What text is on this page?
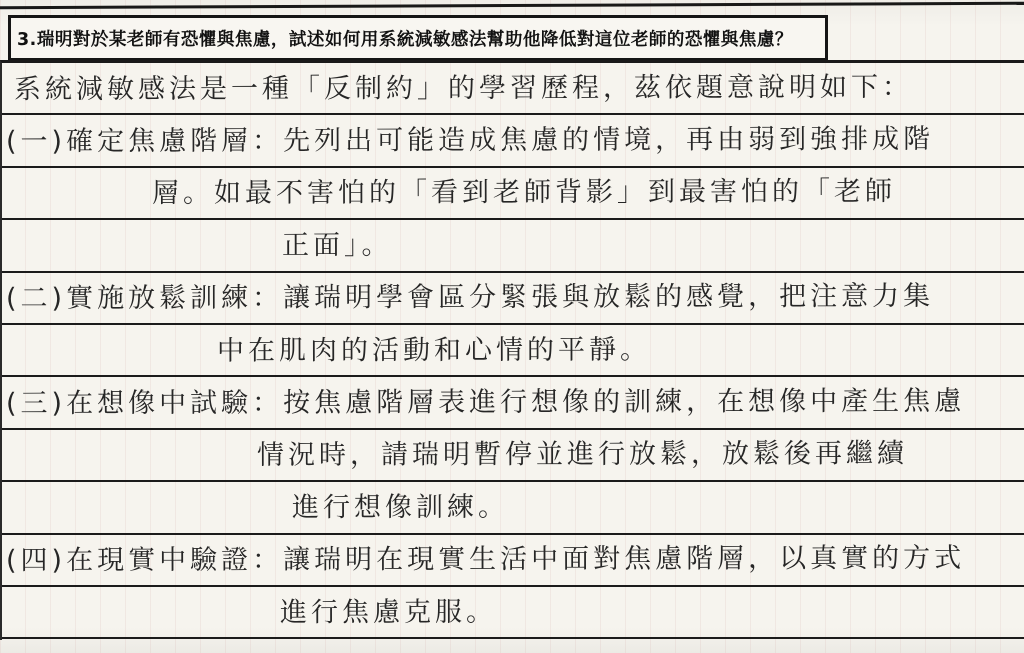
3.瑞明對於某老師有恐懼與焦慮，試述如何用系統減敏感法幫助他降低對這位老師的恐懼與焦慮？
系統減敏感法是一種「反制約」的學習歷程，茲依題意說明如下：
(一)確定焦慮階層：先列出可能造成焦慮的情境，再由弱到強排成階
層。如最不害怕的「看到老師背影」到最害怕的「老師
正面」。
(二)實施放鬆訓練：讓瑞明學會區分緊張與放鬆的感覺，把注意力集
中在肌肉的活動和心情的平靜。
(三)在想像中試驗：按焦慮階層表進行想像的訓練，在想像中產生焦慮
情況時，請瑞明暫停並進行放鬆，放鬆後再繼續
進行想像訓練。
(四)在現實中驗證：讓瑞明在現實生活中面對焦慮階層，以真實的方式
進行焦慮克服。
